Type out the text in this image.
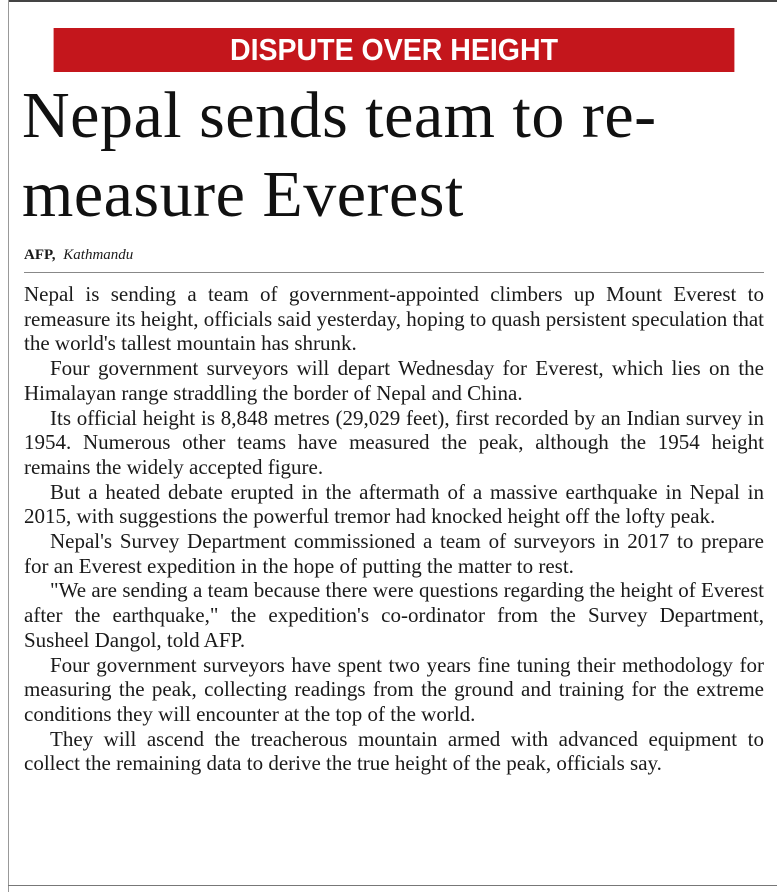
DISPUTE OVER HEIGHT
Nepal sends team to re-measure Everest
AFP, Kathmandu

Nepal is sending a team of government-appointed climbers up Mount Everest to remeasure its height, officials said yesterday, hoping to quash persistent speculation that the world's tallest mountain has shrunk.

Four government surveyors will depart Wednesday for Everest, which lies on the Himalayan range straddling the border of Nepal and China.

Its official height is 8,848 metres (29,029 feet), first recorded by an Indian survey in 1954. Numerous other teams have measured the peak, although the 1954 height remains the widely accepted figure.

But a heated debate erupted in the aftermath of a massive earthquake in Nepal in 2015, with suggestions the powerful tremor had knocked height off the lofty peak.

Nepal's Survey Department commissioned a team of surveyors in 2017 to prepare for an Everest expedition in the hope of putting the matter to rest.

"We are sending a team because there were questions regarding the height of Everest after the earthquake," the expedition's co-ordinator from the Survey Department, Susheel Dangol, told AFP.

Four government surveyors have spent two years fine tuning their methodology for measuring the peak, collecting readings from the ground and training for the extreme conditions they will encounter at the top of the world.

They will ascend the treacherous mountain armed with advanced equipment to collect the remaining data to derive the true height of the peak, officials say.
